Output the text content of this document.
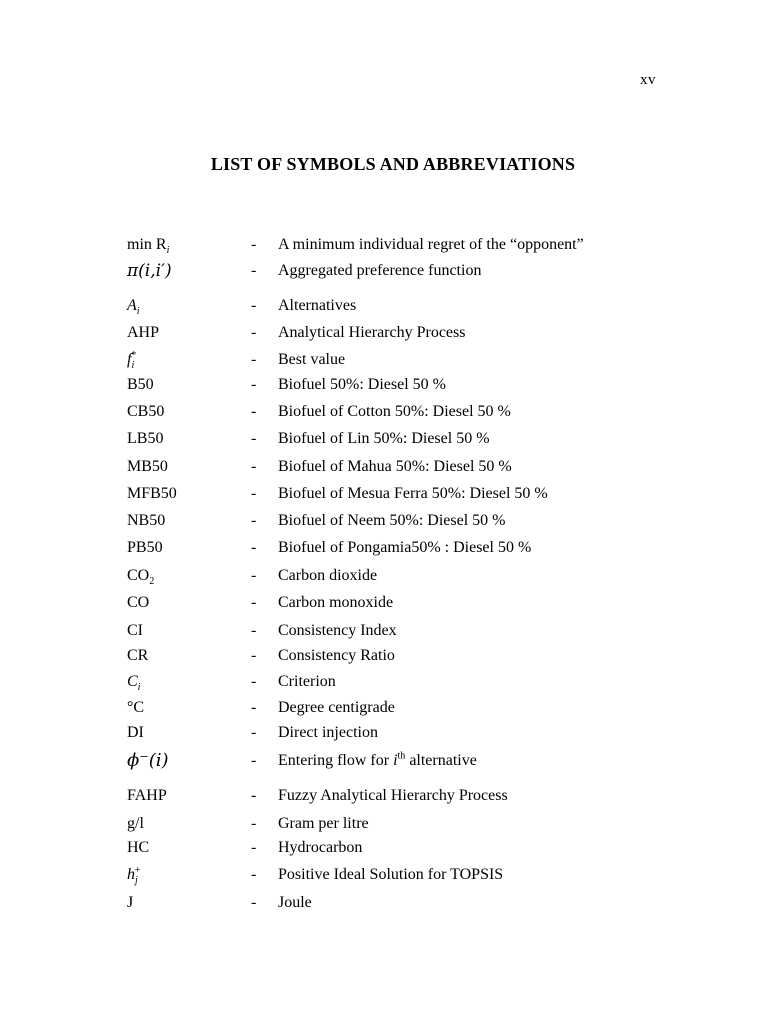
xv
LIST OF SYMBOLS AND ABBREVIATIONS
$\min R_i$	- A minimum individual regret of the “opponent”
π(i,i′)	- Aggregated preference function
$A_i$	- Alternatives
AHP	- Analytical Hierarchy Process
$f_i^*$	- Best value
B50	- Biofuel 50%: Diesel 50 %
CB50	- Biofuel of Cotton 50%: Diesel 50 %
LB50	- Biofuel of Lin 50%: Diesel 50 %
MB50	- Biofuel of Mahua 50%: Diesel 50 %
MFB50	- Biofuel of Mesua Ferra 50%: Diesel 50 %
NB50	- Biofuel of Neem 50%: Diesel 50 %
PB50	- Biofuel of Pongamia50% : Diesel 50 %
$CO_2$	- Carbon dioxide
CO	- Carbon monoxide
CI	- Consistency Index
CR	- Consistency Ratio
$C_i$	- Criterion
°C	- Degree centigrade
DI	- Direct injection
ϕ⁻(i)	- Entering flow for $i^{th}$ alternative
FAHP	- Fuzzy Analytical Hierarchy Process
g/l	- Gram per litre
HC	- Hydrocarbon
$h_j^+$	- Positive Ideal Solution for TOPSIS
J	- Joule
